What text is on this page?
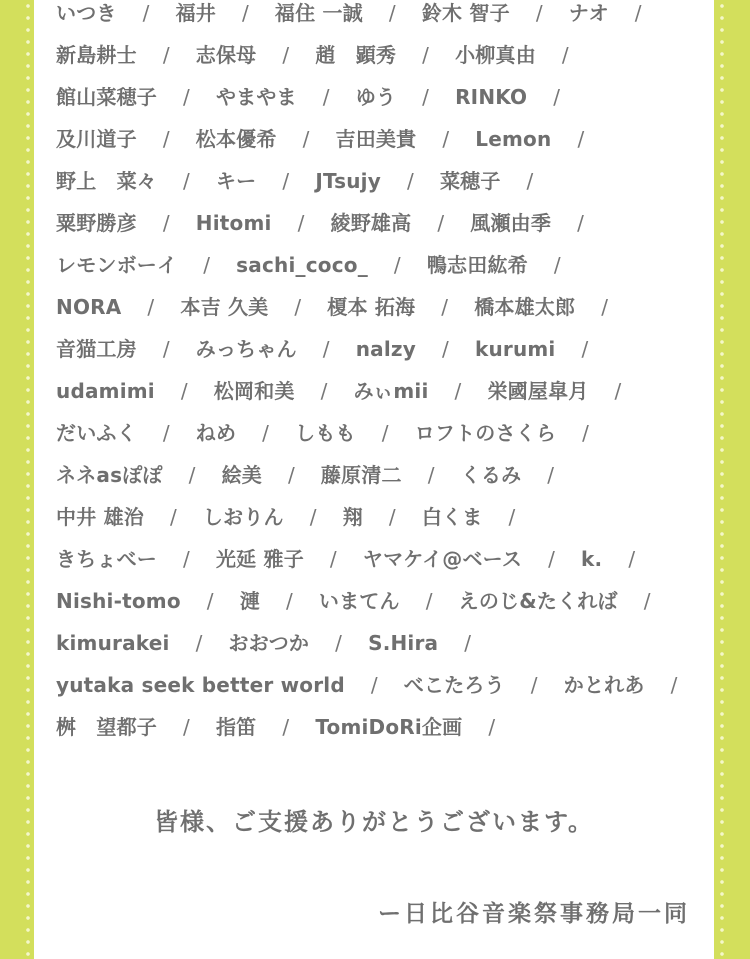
いつき / 福井 / 福住 一誠 / 鈴木 智子 / ナオ /
新島耕士 / 志保母 / 趙　顕秀 / 小柳真由 /
館山菜穂子 / やまやま / ゆう / RINKO /
及川道子 / 松本優希 / 吉田美貴 / Lemon /
野上　菜々 / キー / JTsujy / 菜穂子 /
粟野勝彦 / Hitomi / 綾野雄高 / 風瀬由季 /
レモンボーイ / sachi_coco_ / 鴨志田紘希 /
NORA / 本吉 久美 / 榎本 拓海 / 橋本雄太郎 /
音猫工房 / みっちゃん / nalzy / kurumi /
udamimi / 松岡和美 / みぃmii / 栄國屋皐月 /
だいふく / ねめ / しもも / ロフトのさくら /
ネネasぽぽ / 絵美 / 藤原清二 / くるみ /
中井 雄治 / しおりん / 翔 / 白くま /
きちょべー / 光延 雅子 / ヤマケイ@ベース / k. /
Nishi-tomo / 漣 / いまてん / えのじ&たくれば /
kimurakei / おおつか / S.Hira /
yutaka seek better world / べこたろう / かとれあ /
桝　望都子 / 指笛 / TomiDoRi企画 /
皆様、ご支援ありがとうございます。
ー日比谷音楽祭事務局一同
